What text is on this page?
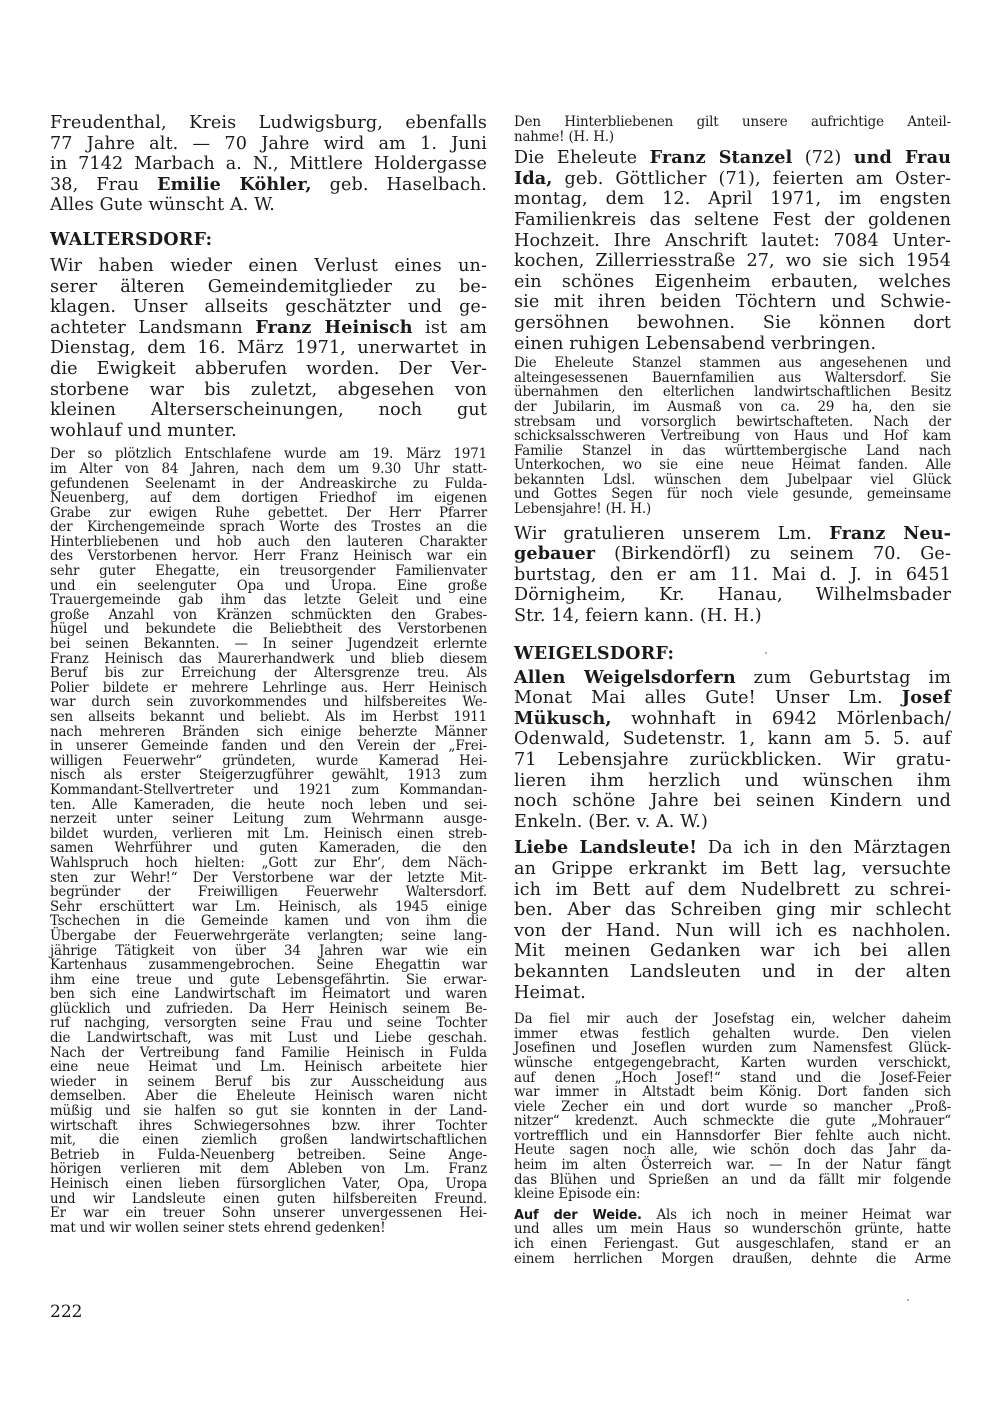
Freudenthal, Kreis Ludwigsburg, ebenfalls
77 Jahre alt. — 70 Jahre wird am 1. Juni
in 7142 Marbach a. N., Mittlere Holdergasse
38, Frau Emilie Köhler, geb. Haselbach.
Alles Gute wünscht A. W.
WALTERSDORF:
Wir haben wieder einen Verlust eines un-
serer älteren Gemeindemitglieder zu be-
klagen. Unser allseits geschätzter und ge-
achteter Landsmann Franz Heinisch ist am
Dienstag, dem 16. März 1971, unerwartet in
die Ewigkeit abberufen worden. Der Ver-
storbene war bis zuletzt, abgesehen von
kleinen Alterserscheinungen, noch gut
wohlauf und munter.
Der so plötzlich Entschlafene wurde am 19. März 1971
im Alter von 84 Jahren, nach dem um 9.30 Uhr statt-
gefundenen Seelenamt in der Andreaskirche zu Fulda-
Neuenberg, auf dem dortigen Friedhof im eigenen
Grabe zur ewigen Ruhe gebettet. Der Herr Pfarrer
der Kirchengemeinde sprach Worte des Trostes an die
Hinterbliebenen und hob auch den lauteren Charakter
des Verstorbenen hervor. Herr Franz Heinisch war ein
sehr guter Ehegatte, ein treusorgender Familienvater
und ein seelenguter Opa und Uropa. Eine große
Trauergemeinde gab ihm das letzte Geleit und eine
große Anzahl von Kränzen schmückten den Grabes-
hügel und bekundete die Beliebtheit des Verstorbenen
bei seinen Bekannten. — In seiner Jugendzeit erlernte
Franz Heinisch das Maurerhandwerk und blieb diesem
Beruf bis zur Erreichung der Altersgrenze treu. Als
Polier bildete er mehrere Lehrlinge aus. Herr Heinisch
war durch sein zuvorkommendes und hilfsbereites We-
sen allseits bekannt und beliebt. Als im Herbst 1911
nach mehreren Bränden sich einige beherzte Männer
in unserer Gemeinde fanden und den Verein der „Frei-
willigen Feuerwehr“ gründeten, wurde Kamerad Hei-
nisch als erster Steigerzugführer gewählt, 1913 zum
Kommandant-Stellvertreter und 1921 zum Kommandan-
ten. Alle Kameraden, die heute noch leben und sei-
nerzeit unter seiner Leitung zum Wehrmann ausge-
bildet wurden, verlieren mit Lm. Heinisch einen streb-
samen Wehrführer und guten Kameraden, die den
Wahlspruch hoch hielten: „Gott zur Ehr‘, dem Näch-
sten zur Wehr!“ Der Verstorbene war der letzte Mit-
begründer der Freiwilligen Feuerwehr Waltersdorf.
Sehr erschüttert war Lm. Heinisch, als 1945 einige
Tschechen in die Gemeinde kamen und von ihm die
Übergabe der Feuerwehrgeräte verlangten; seine lang-
jährige Tätigkeit von über 34 Jahren war wie ein
Kartenhaus zusammengebrochen. Seine Ehegattin war
ihm eine treue und gute Lebensgefährtin. Sie erwar-
ben sich eine Landwirtschaft im Heimatort und waren
glücklich und zufrieden. Da Herr Heinisch seinem Be-
ruf nachging, versorgten seine Frau und seine Tochter
die Landwirtschaft, was mit Lust und Liebe geschah.
Nach der Vertreibung fand Familie Heinisch in Fulda
eine neue Heimat und Lm. Heinisch arbeitete hier
wieder in seinem Beruf bis zur Ausscheidung aus
demselben. Aber die Eheleute Heinisch waren nicht
müßig und sie halfen so gut sie konnten in der Land-
wirtschaft ihres Schwiegersohnes bzw. ihrer Tochter
mit, die einen ziemlich großen landwirtschaftlichen
Betrieb in Fulda-Neuenberg betreiben. Seine Ange-
hörigen verlieren mit dem Ableben von Lm. Franz
Heinisch einen lieben fürsorglichen Vater, Opa, Uropa
und wir Landsleute einen guten hilfsbereiten Freund.
Er war ein treuer Sohn unserer unvergessenen Hei-
mat und wir wollen seiner stets ehrend gedenken!
222
Den Hinterbliebenen gilt unsere aufrichtige Anteil-
nahme! (H. H.)
Die Eheleute Franz Stanzel (72) und Frau
Ida, geb. Göttlicher (71), feierten am Oster-
montag, dem 12. April 1971, im engsten
Familienkreis das seltene Fest der goldenen
Hochzeit. Ihre Anschrift lautet: 7084 Unter-
kochen, Zillerriesstraße 27, wo sie sich 1954
ein schönes Eigenheim erbauten, welches
sie mit ihren beiden Töchtern und Schwie-
gersöhnen bewohnen. Sie können dort
einen ruhigen Lebensabend verbringen.
Die Eheleute Stanzel stammen aus angesehenen und
alteingesessenen Bauernfamilien aus Waltersdorf. Sie
übernahmen den elterlichen landwirtschaftlichen Besitz
der Jubilarin, im Ausmaß von ca. 29 ha, den sie
strebsam und vorsorglich bewirtschafteten. Nach der
schicksalsschweren Vertreibung von Haus und Hof kam
Familie Stanzel in das württembergische Land nach
Unterkochen, wo sie eine neue Heimat fanden. Alle
bekannten Ldsl. wünschen dem Jubelpaar viel Glück
und Gottes Segen für noch viele gesunde, gemeinsame
Lebensjahre! (H. H.)
Wir gratulieren unserem Lm. Franz Neu-
gebauer (Birkendörfl) zu seinem 70. Ge-
burtstag, den er am 11. Mai d. J. in 6451
Dörnigheim, Kr. Hanau, Wilhelmsbader
Str. 14, feiern kann. (H. H.)
WEIGELSDORF:
Allen Weigelsdorfern zum Geburtstag im
Monat Mai alles Gute! Unser Lm. Josef
Mükusch, wohnhaft in 6942 Mörlenbach/
Odenwald, Sudetenstr. 1, kann am 5. 5. auf
71 Lebensjahre zurückblicken. Wir gratu-
lieren ihm herzlich und wünschen ihm
noch schöne Jahre bei seinen Kindern und
Enkeln. (Ber. v. A. W.)
Liebe Landsleute! Da ich in den Märztagen
an Grippe erkrankt im Bett lag, versuchte
ich im Bett auf dem Nudelbrett zu schrei-
ben. Aber das Schreiben ging mir schlecht
von der Hand. Nun will ich es nachholen.
Mit meinen Gedanken war ich bei allen
bekannten Landsleuten und in der alten
Heimat.
Da fiel mir auch der Josefstag ein, welcher daheim
immer etwas festlich gehalten wurde. Den vielen
Josefinen und Joseflen wurden zum Namensfest Glück-
wünsche entgegengebracht, Karten wurden verschickt,
auf denen „Hoch Josef!“ stand und die Josef-Feier
war immer in Altstadt beim König. Dort fanden sich
viele Zecher ein und dort wurde so mancher „Proß-
nitzer“ kredenzt. Auch schmeckte die gute „Mohrauer“
vortrefflich und ein Hannsdorfer Bier fehlte auch nicht.
Heute sagen noch alle, wie schön doch das Jahr da-
heim im alten Österreich war. — In der Natur fängt
das Blühen und Sprießen an und da fällt mir folgende
kleine Episode ein:
Auf der Weide. Als ich noch in meiner Heimat war
und alles um mein Haus so wunderschön grünte, hatte
ich einen Feriengast. Gut ausgeschlafen, stand er an
einem herrlichen Morgen draußen, dehnte die Arme
